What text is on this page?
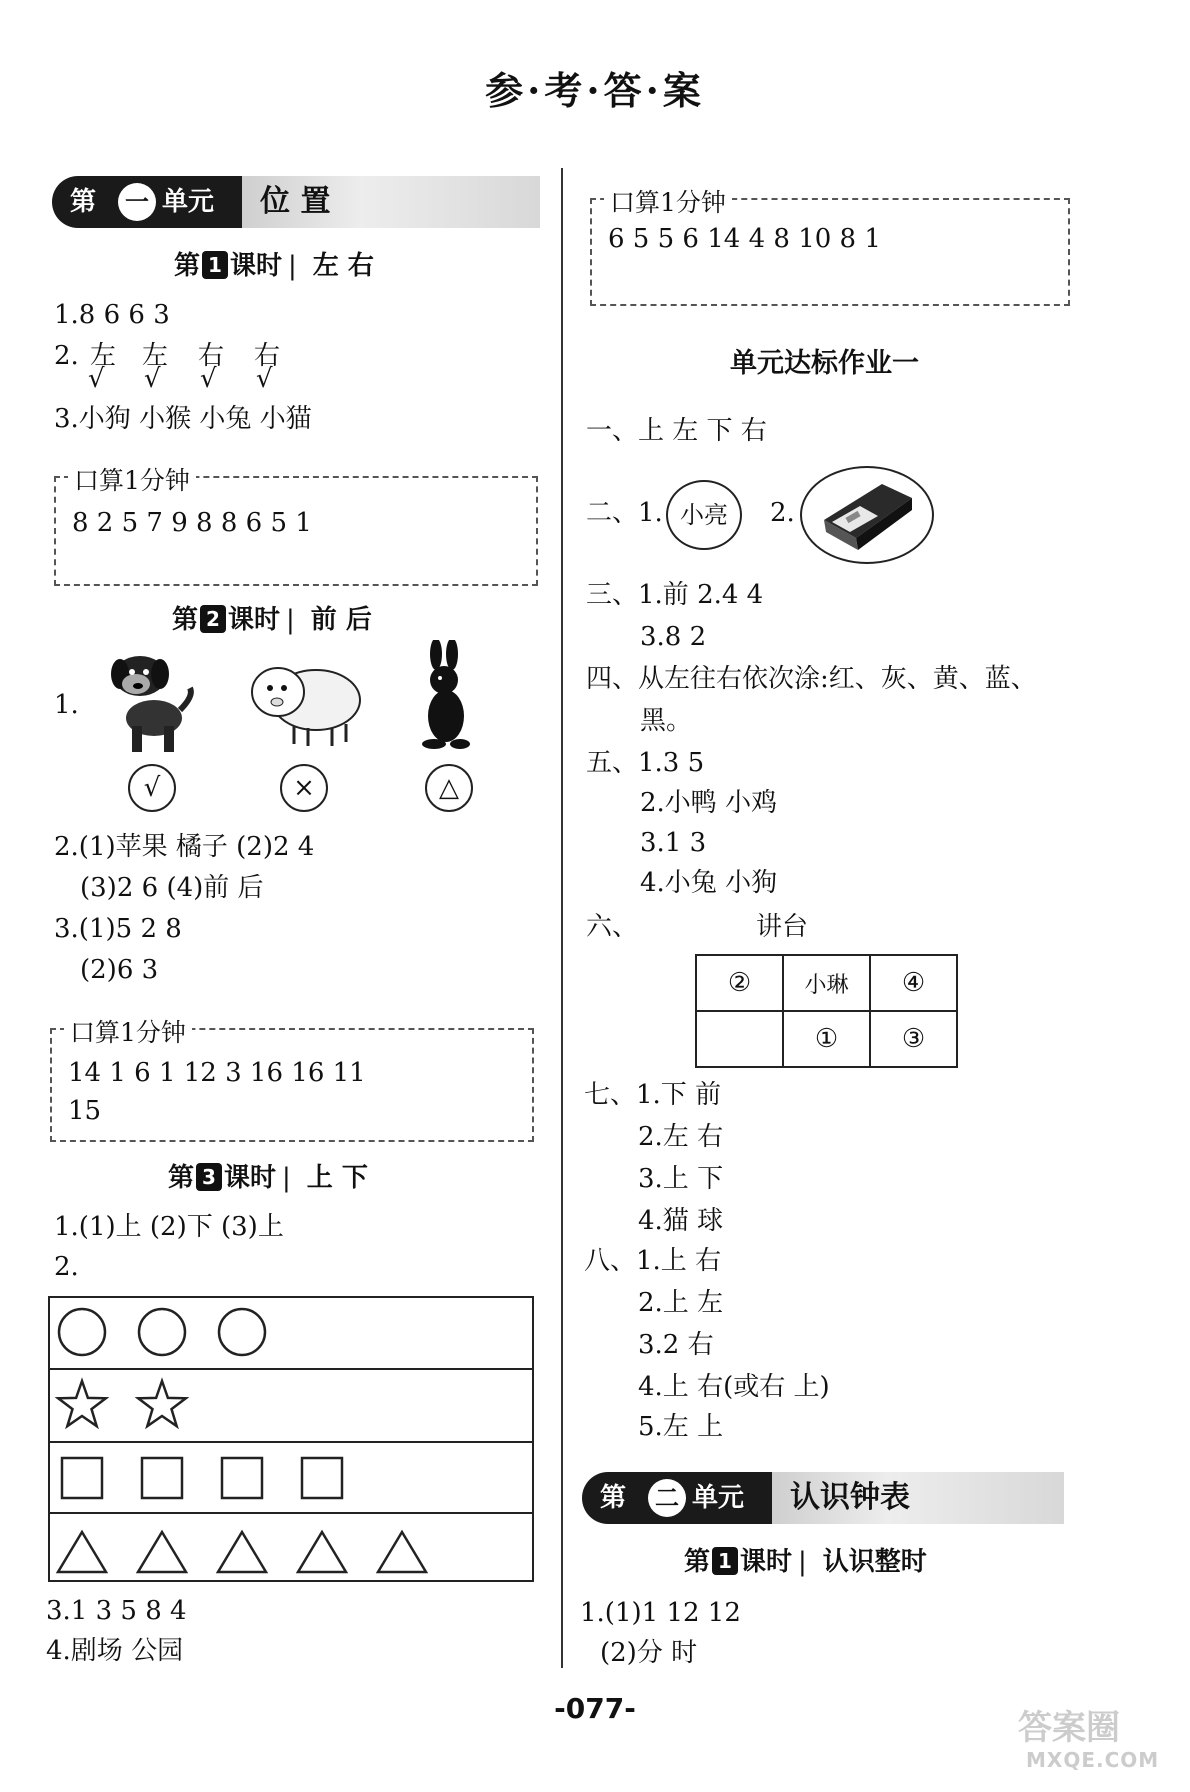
参·考·答·案
第 一 单元	位 置
第 1 课时 | 左 右
1.8 6 6 3
2. 左 左 右 右
√ √ √ √
3.小狗 小猴 小兔 小猫
口算1分钟
8 2 5 7 9 8 8 6 5 1
第 2 课时 | 前 后
1.
√	×	△
2.(1)苹果 橘子 (2)2 4
(3)2 6 (4)前 后
3.(1)5 2 8
(2)6 3
口算1分钟
14 1 6 1 12 3 16 16 11
15
第 3 课时 | 上 下
1.(1)上 (2)下 (3)上
2.
3.1 3 5 8 4
4.剧场 公园
口算1分钟
6 5 5 6 14 4 8 10 8 1
单元达标作业一
一、上 左 下 右
二、1. 小亮	2.
三、1.前 2.4 4
3.8 2
四、从左往右依次涂:红、灰、黄、蓝、
黑。
五、1.3 5
2.小鸭 小鸡
3.1 3
4.小兔 小狗
六、	讲台
②	小琳	④
	①	③
七、1.下 前
2.左 右
3.上 下
4.猫 球
八、1.上 右
2.上 左
3.2 右
4.上 右(或右 上)
5.左 上
第 二 单元	认识钟表
第 1 课时 | 认识整时
1.(1)1 12 12
(2)分 时
-077-	答案圈
MXQE.COM
